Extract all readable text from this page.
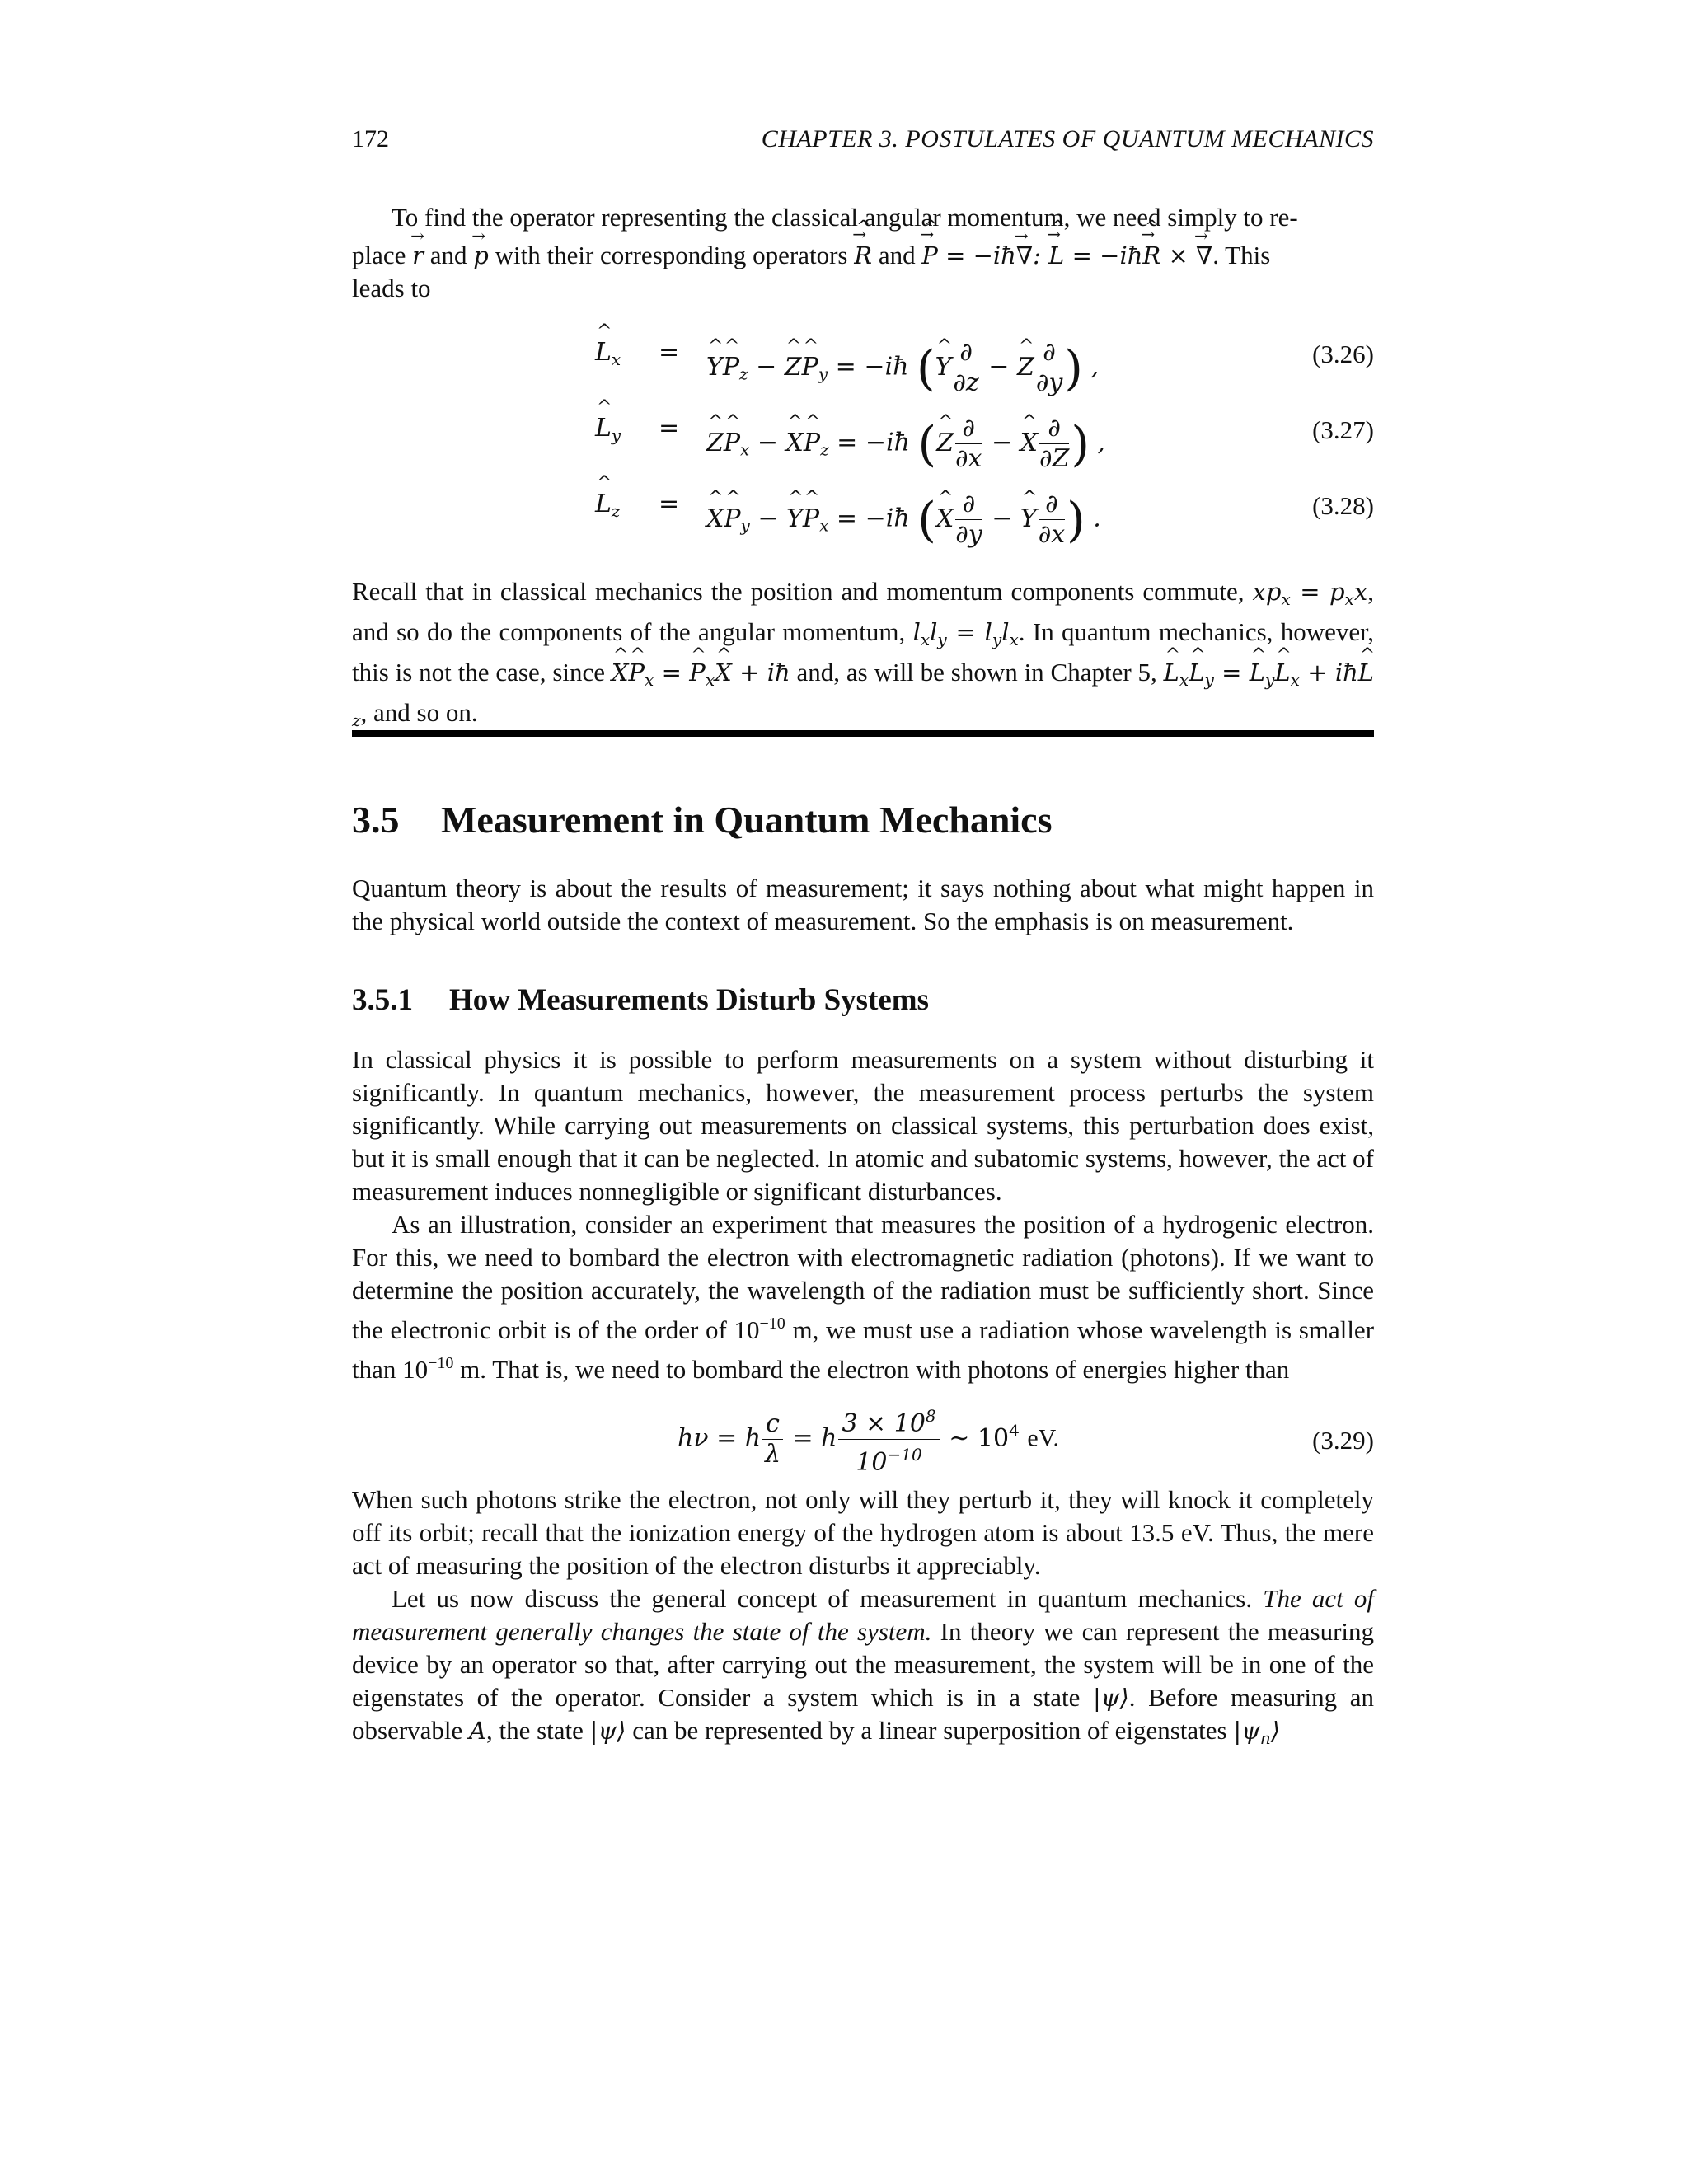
172	CHAPTER 3. POSTULATES OF QUANTUM MECHANICS

To find the operator representing the classical angular momentum, we need simply to re-

place r → and p → with their corresponding operators → R ^ and → P ^ = −iħ∇ →: → L ^ = −iħ→ R ^ × ∇ →. This

leads to

L $\^{}_x = Y$ ^P $\^{}_z - Z$ ^P $\^{}_y$ = −iħ (Y ^ $\frac{\partial}{\partial z} - Z$ ^ $\frac{\partial}{\partial y}$ ) ,	(3.26)
L $\^{}_y = Z$ ^P $\^{}_x - X$ ^P $\^{}_z$ = −iħ (Z ^ $\frac{\partial}{\partial x} - X$ ^ $\frac{\partial}{\partial Z}$ ) ,	(3.27)
L $\^{}_z = X$ ^P $\^{}_y - Y$ ^P $\^{}_x$ = −iħ (X ^ $\frac{\partial}{\partial y} - Y$ ^ $\frac{\partial}{\partial x}$ ) .	(3.28)

Recall that in classical mechanics the position and momentum components commute, $xp_x = p_xx$, and so do the components of the angular momentum, $l_xl_y = l_yl_x$. In quantum mechanics, however, this is not the case, since X ^P $\^{}_x = P$ $\^{}_xX$ ^ + iħ and, as will be shown in Chapter 5, L $\^{}_xL$ $\^{}_y = L$ $\^{}_yL$ $\^{}_x$ + iħL $\^{}_z$, and so on.

3.5 Measurement in Quantum Mechanics

Quantum theory is about the results of measurement; it says nothing about what might happen in the physical world outside the context of measurement. So the emphasis is on measurement.

3.5.1 How Measurements Disturb Systems

In classical physics it is possible to perform measurements on a system without disturbing it significantly. In quantum mechanics, however, the measurement process perturbs the system significantly. While carrying out measurements on classical systems, this perturbation does exist, but it is small enough that it can be neglected. In atomic and subatomic systems, however, the act of measurement induces nonnegligible or significant disturbances.

As an illustration, consider an experiment that measures the position of a hydrogenic electron. For this, we need to bombard the electron with electromagnetic radiation (photons). If we want to determine the position accurately, the wavelength of the radiation must be sufficiently short. Since the electronic orbit is of the order of $10^{-10}$ m, we must use a radiation whose wavelength is smaller than $10^{-10}$ m. That is, we need to bombard the electron with photons of energies higher than

hν = h $\frac{c}{\lambda} = h \frac{3 \times 10^8}{10^{-10}}$ ∼ $10^4$ eV.	(3.29)

When such photons strike the electron, not only will they perturb it, they will knock it completely off its orbit; recall that the ionization energy of the hydrogen atom is about 13.5 eV. Thus, the mere act of measuring the position of the electron disturbs it appreciably.

Let us now discuss the general concept of measurement in quantum mechanics. The act of measurement generally changes the state of the system. In theory we can represent the measuring device by an operator so that, after carrying out the measurement, the system will be in one of the eigenstates of the operator. Consider a system which is in a state |ψ⟩. Before measuring an observable A, the state |ψ⟩ can be represented by a linear superposition of eigenstates $|\psi_n⟩$
